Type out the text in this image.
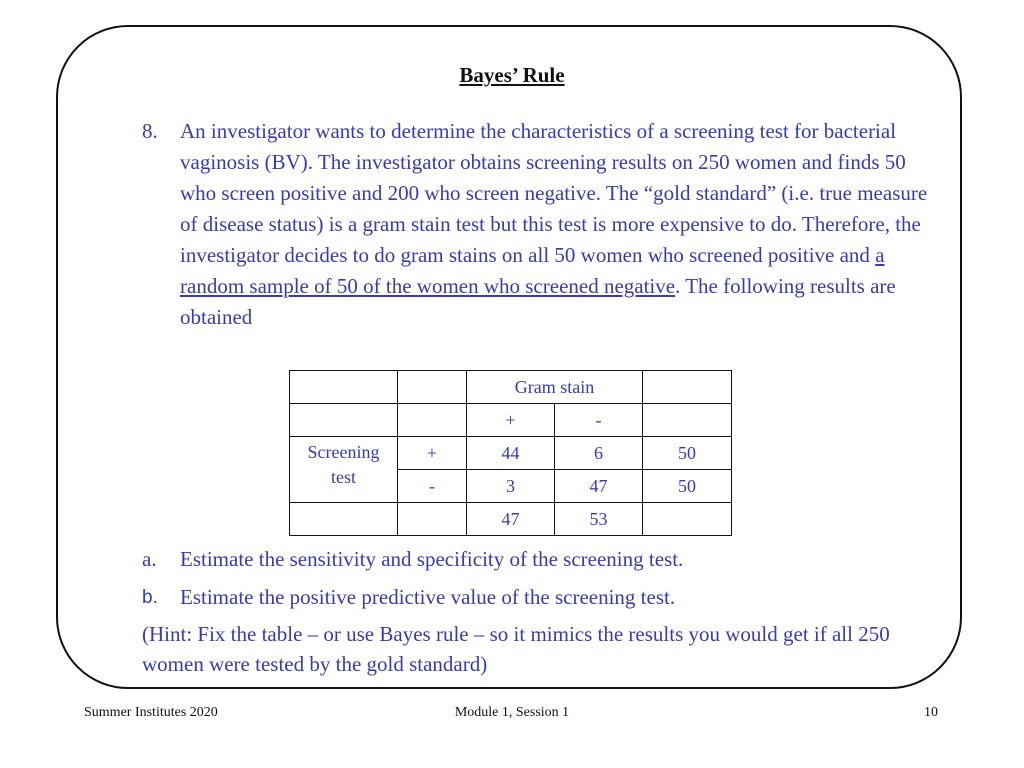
Bayes’ Rule
8. An investigator wants to determine the characteristics of a screening test for bacterial vaginosis (BV). The investigator obtains screening results on 250 women and finds 50 who screen positive and 200 who screen negative. The “gold standard” (i.e. true measure of disease status) is a gram stain test but this test is more expensive to do. Therefore, the investigator decides to do gram stains on all 50 women who screened positive and a random sample of 50 of the women who screened negative. The following results are obtained
		Gram stain		
		+	-	
Screening
test	+	44	6	50
	-	3	47	50
		47	53	
a. Estimate the sensitivity and specificity of the screening test.
b. Estimate the positive predictive value of the screening test.
(Hint: Fix the table – or use Bayes rule – so it mimics the results you would get if all 250 women were tested by the gold standard)
Summer Institutes 2020	Module 1, Session 1	10
